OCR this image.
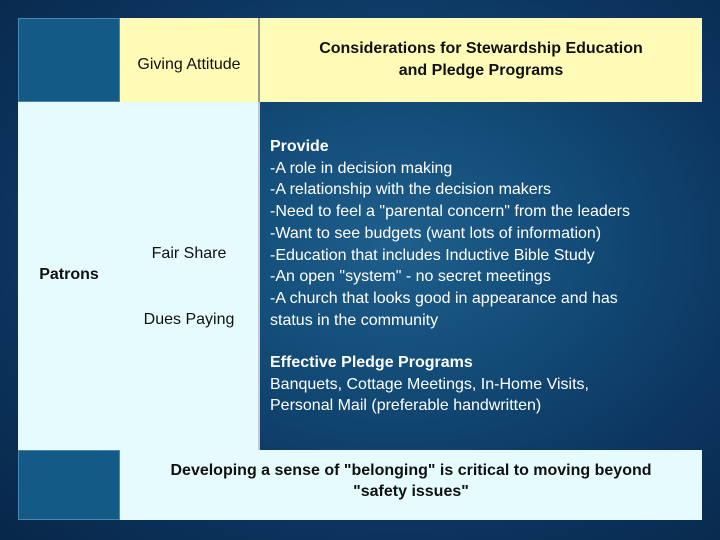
Giving Attitude
Considerations for Stewardship Education
and Pledge Programs
Patrons
Fair Share
Dues Paying
Provide
-A role in decision making
-A relationship with the decision makers
-Need to feel a "parental concern" from the leaders
-Want to see budgets (want lots of information)
-Education that includes Inductive Bible Study
-An open "system" - no secret meetings
-A church that looks good in appearance and has
status in the community
Effective Pledge Programs
Banquets, Cottage Meetings, In-Home Visits,
Personal Mail (preferable handwritten)
Developing a sense of "belonging" is critical to moving beyond
"safety issues"
